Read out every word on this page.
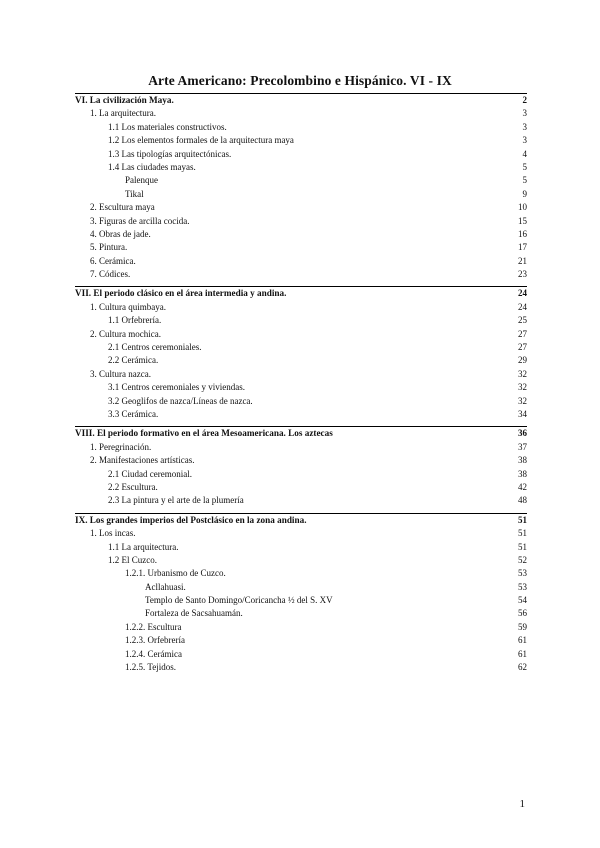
Arte Americano: Precolombino e Hispánico. VI - IX
VI. La civilización Maya.	2
1. La arquitectura.	3
1.1 Los materiales constructivos.	3
1.2 Los elementos formales de la arquitectura maya	3
1.3 Las tipologías arquitectónicas.	4
1.4 Las ciudades mayas.	5
Palenque	5
Tikal	9
2. Escultura maya	10
3. Figuras de arcilla cocida.	15
4. Obras de jade.	16
5. Pintura.	17
6. Cerámica.	21
7. Códices.	23
VII. El periodo clásico en el área intermedia y andina.	24
1. Cultura quimbaya.	24
1.1 Orfebrería.	25
2. Cultura mochica.	27
2.1 Centros ceremoniales.	27
2.2 Cerámica.	29
3. Cultura nazca.	32
3.1 Centros ceremoniales y viviendas.	32
3.2 Geoglifos de nazca/Líneas de nazca.	32
3.3 Cerámica.	34
VIII. El periodo formativo en el área Mesoamericana. Los aztecas	36
1. Peregrinación.	37
2. Manifestaciones artísticas.	38
2.1 Ciudad ceremonial.	38
2.2 Escultura.	42
2.3 La pintura y el arte de la plumería	48
IX. Los grandes imperios del Postclásico en la zona andina.	51
1. Los incas.	51
1.1 La arquitectura.	51
1.2 El Cuzco.	52
1.2.1. Urbanismo de Cuzco.	53
Acllahuasi.	53
Templo de Santo Domingo/Coricancha ½ del S. XV	54
Fortaleza de Sacsahuamán.	56
1.2.2. Escultura	59
1.2.3. Orfebrería	61
1.2.4. Cerámica	61
1.2.5. Tejidos.	62
1
